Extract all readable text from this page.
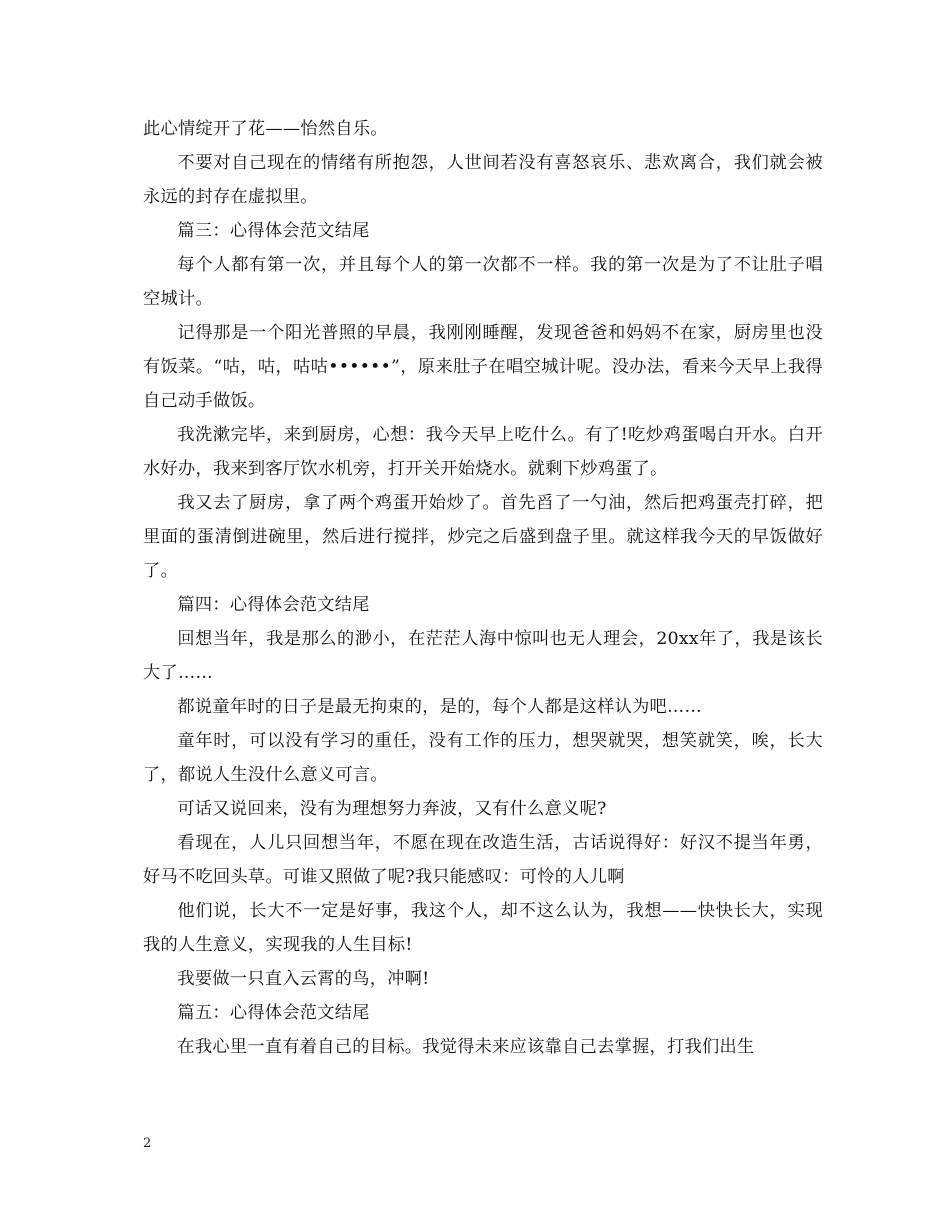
此心情绽开了花——怡然自乐。

不要对自己现在的情绪有所抱怨，人世间若没有喜怒哀乐、悲欢离合，我们就会被永远的封存在虚拟里。

篇三：心得体会范文结尾

每个人都有第一次，并且每个人的第一次都不一样。我的第一次是为了不让肚子唱空城计。

记得那是一个阳光普照的早晨，我刚刚睡醒，发现爸爸和妈妈不在家，厨房里也没有饭菜。“咕，咕，咕咕••••••”，原来肚子在唱空城计呢。没办法，看来今天早上我得自己动手做饭。

我洗漱完毕，来到厨房，心想：我今天早上吃什么。有了!吃炒鸡蛋喝白开水。白开水好办，我来到客厅饮水机旁，打开关开始烧水。就剩下炒鸡蛋了。

我又去了厨房，拿了两个鸡蛋开始炒了。首先舀了一勺油，然后把鸡蛋壳打碎，把里面的蛋清倒进碗里，然后进行搅拌，炒完之后盛到盘子里。就这样我今天的早饭做好了。

篇四：心得体会范文结尾

回想当年，我是那么的渺小，在茫茫人海中惊叫也无人理会，20xx年了，我是该长大了……

都说童年时的日子是最无拘束的，是的，每个人都是这样认为吧……

童年时，可以没有学习的重任，没有工作的压力，想哭就哭，想笑就笑，唉，长大了，都说人生没什么意义可言。

可话又说回来，没有为理想努力奔波，又有什么意义呢?

看现在，人儿只回想当年，不愿在现在改造生活，古话说得好：好汉不提当年勇，好马不吃回头草。可谁又照做了呢?我只能感叹：可怜的人儿啊

他们说，长大不一定是好事，我这个人，却不这么认为，我想——快快长大，实现我的人生意义，实现我的人生目标!

我要做一只直入云霄的鸟，冲啊!

篇五：心得体会范文结尾

在我心里一直有着自己的目标。我觉得未来应该靠自己去掌握，打我们出生

2
